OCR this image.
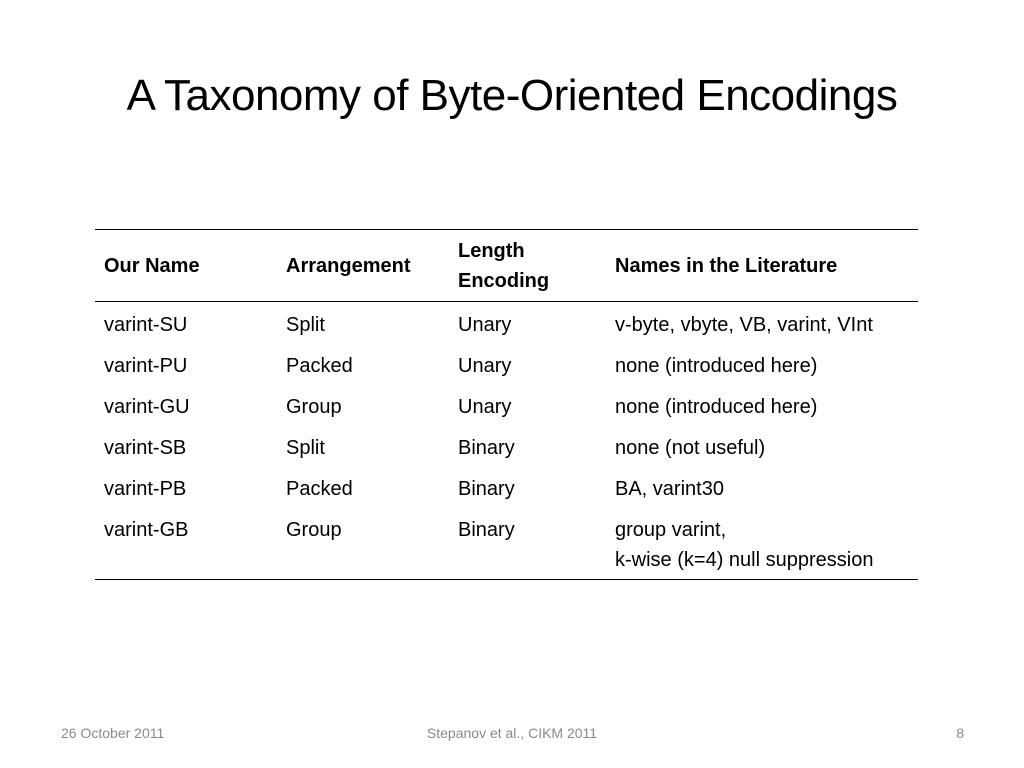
A Taxonomy of Byte-Oriented Encodings
Our Name	Arrangement	Length Encoding	Names in the Literature
varint-SU	Split	Unary	v-byte, vbyte, VB, varint, VInt

varint-PU	Packed	Unary	none (introduced here)

varint-GU	Group	Unary	none (introduced here)

varint-SB	Split	Binary	none (not useful)

varint-PB	Packed	Binary	BA, varint30

varint-GB	Group	Binary	group varint,
k-wise (k=4) null suppression
26 October 2011	Stepanov et al., CIKM 2011	8
